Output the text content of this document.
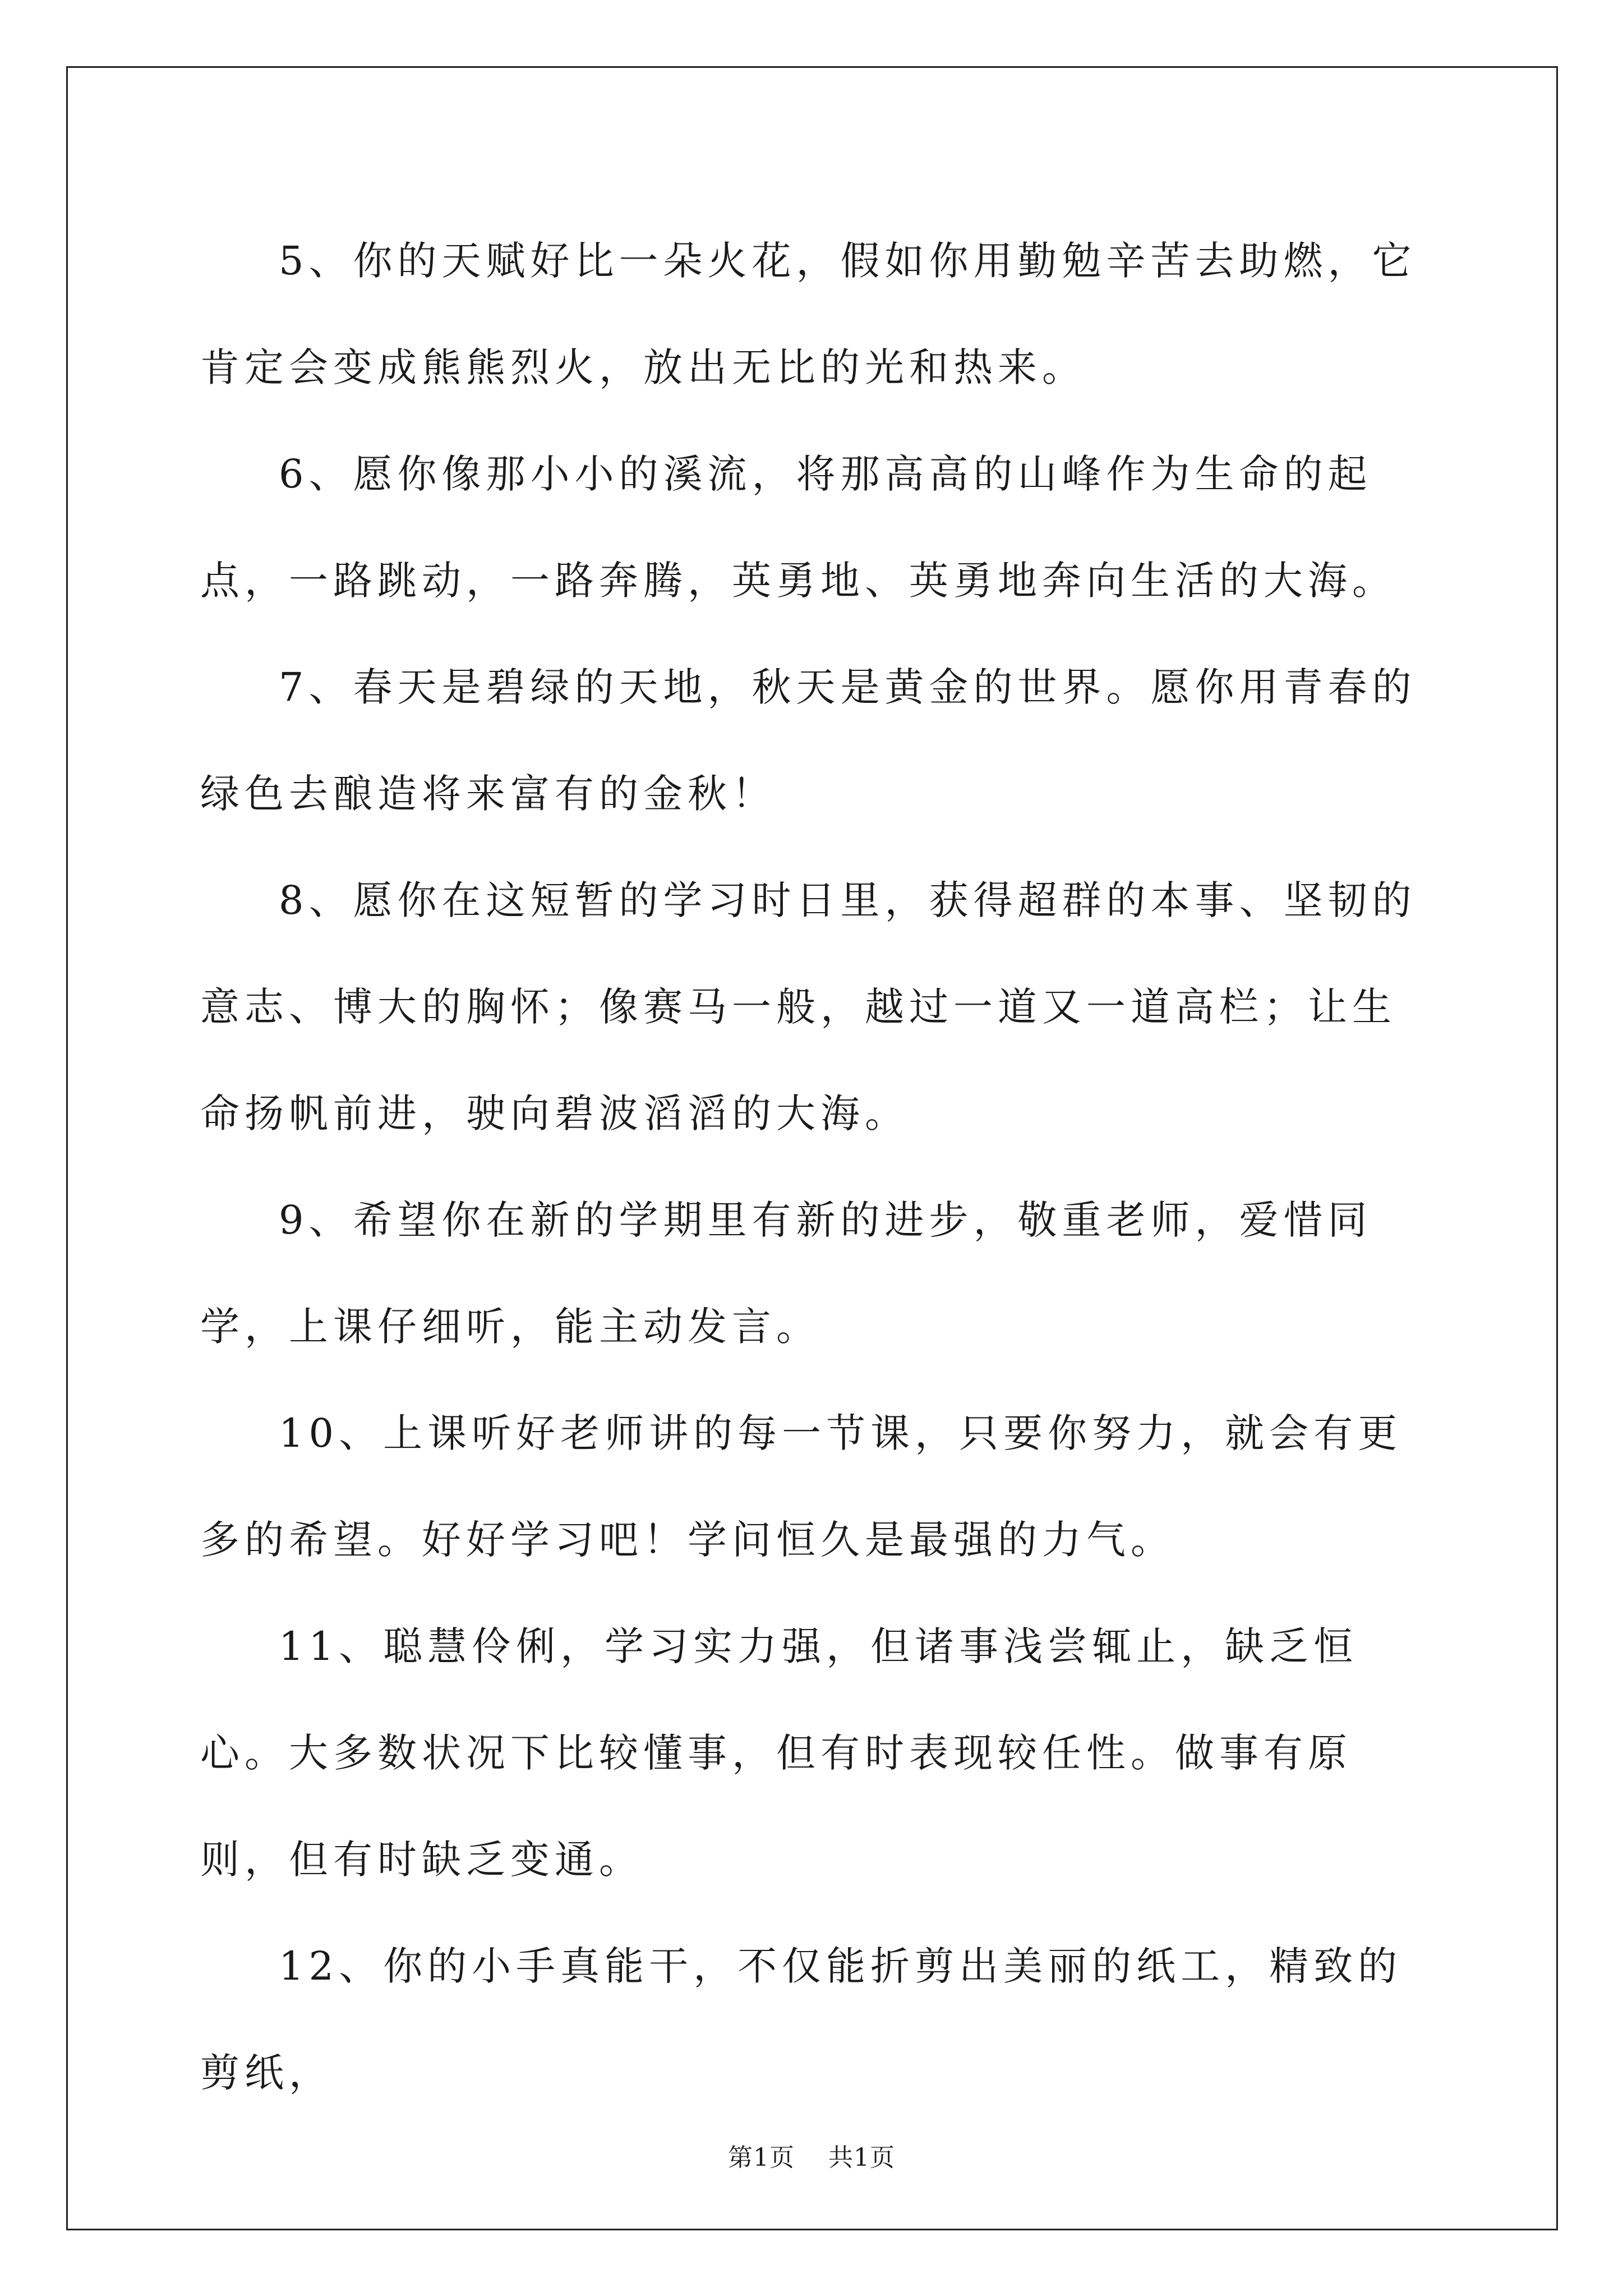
5、你的天赋好比一朵火花，假如你用勤勉辛苦去助燃，它肯定会变成熊熊烈火，放出无比的光和热来。

6、愿你像那小小的溪流，将那高高的山峰作为生命的起点，一路跳动，一路奔腾，英勇地、英勇地奔向生活的大海。

7、春天是碧绿的天地，秋天是黄金的世界。愿你用青春的绿色去酿造将来富有的金秋！

8、愿你在这短暂的学习时日里，获得超群的本事、坚韧的意志、博大的胸怀；像赛马一般，越过一道又一道高栏；让生命扬帆前进，驶向碧波滔滔的大海。

9、希望你在新的学期里有新的进步，敬重老师，爱惜同学，上课仔细听，能主动发言。

10、上课听好老师讲的每一节课，只要你努力，就会有更多的希望。好好学习吧！学问恒久是最强的力气。

11、聪慧伶俐，学习实力强，但诸事浅尝辄止，缺乏恒心。大多数状况下比较懂事，但有时表现较任性。做事有原则，但有时缺乏变通。

12、你的小手真能干，不仅能折剪出美丽的纸工，精致的剪纸，

第1页 共1页
